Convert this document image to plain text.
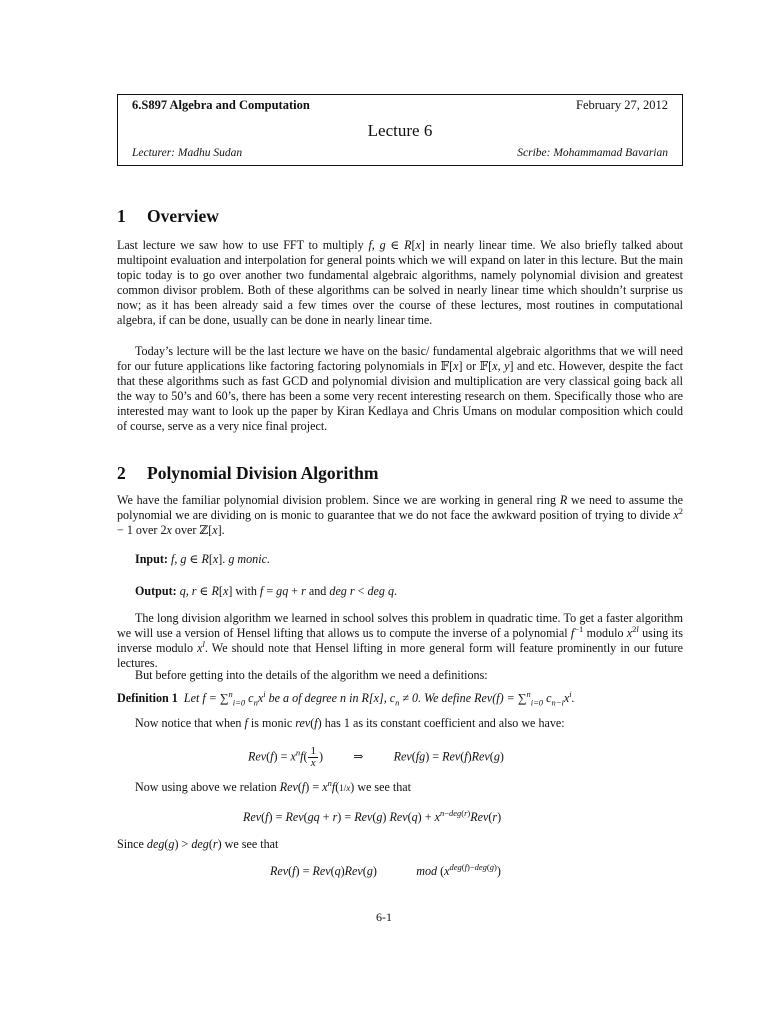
6.S897 Algebra and Computation	February 27, 2012
Lecture 6
Lecturer: Madhu Sudan	Scribe: Mohammamad Bavarian
1 Overview

Last lecture we saw how to use FFT to multiply f, g ∈ R[x] in nearly linear time. We also briefly talked about multipoint evaluation and interpolation for general points which we will expand on later in this lecture. But the main topic today is to go over another two fundamental algebraic algorithms, namely polynomial division and greatest common divisor problem. Both of these algorithms can be solved in nearly linear time which shouldn’t surprise us now; as it has been already said a few times over the course of these lectures, most routines in computational algebra, if can be done, usually can be done in nearly linear time.

Today’s lecture will be the last lecture we have on the basic/ fundamental algebraic algorithms that we will need for our future applications like factoring factoring polynomials in 𝔽[x] or 𝔽[x, y] and etc. However, despite the fact that these algorithms such as fast GCD and polynomial division and multiplication are very classical going back all the way to 50’s and 60’s, there has been a some very recent interesting research on them. Specifically those who are interested may want to look up the paper by Kiran Kedlaya and Chris Umans on modular composition which could of course, serve as a very nice final project.

2 Polynomial Division Algorithm

We have the familiar polynomial division problem. Since we are working in general ring R we need to assume the polynomial we are dividing on is monic to guarantee that we do not face the awkward position of trying to divide $x^2 - 1$ over 2x over ℤ[x].

Input: f, g ∈ R[x]. g monic.
Output: q, r ∈ R[x] with f = gq + r and deg r < deg q.

The long division algorithm we learned in school solves this problem in quadratic time. To get a faster algorithm we will use a version of Hensel lifting that allows us to compute the inverse of a polynomial $f^{-1}$ modulo $x^{2l}$ using its inverse modulo $x^l$. We should note that Hensel lifting in more general form will feature prominently in our future lectures.

But before getting into the details of the algorithm we need a definitions:

Definition 1 Let f = ∑$^n_{i=0}$ $c_nx^i$ be a of degree n in R[x], $c_n \ne 0$. We define Rev(f) = ∑$^n_{i=0}$ $c_{n-i}x^i$.
Now notice that when f is monic rev(f) has 1 as its constant coefficient and also we have:
$Rev(f) = x^nf( \frac{1}{x}$ )          ⇒          Rev(fg) = Rev(f)Rev(g)
Now using above we relation $Rev(f) = x^nf(1/x)$ we see that
Rev(f) = Rev(gq + r) = Rev(g) $Rev(q) + x^{n-deg(r)}Rev(r)$
Since deg(g) > deg(r) we see that
Rev(f) = Rev(q)Rev(g)             mod $(x^{deg(f)-deg(g)})$
6-1
